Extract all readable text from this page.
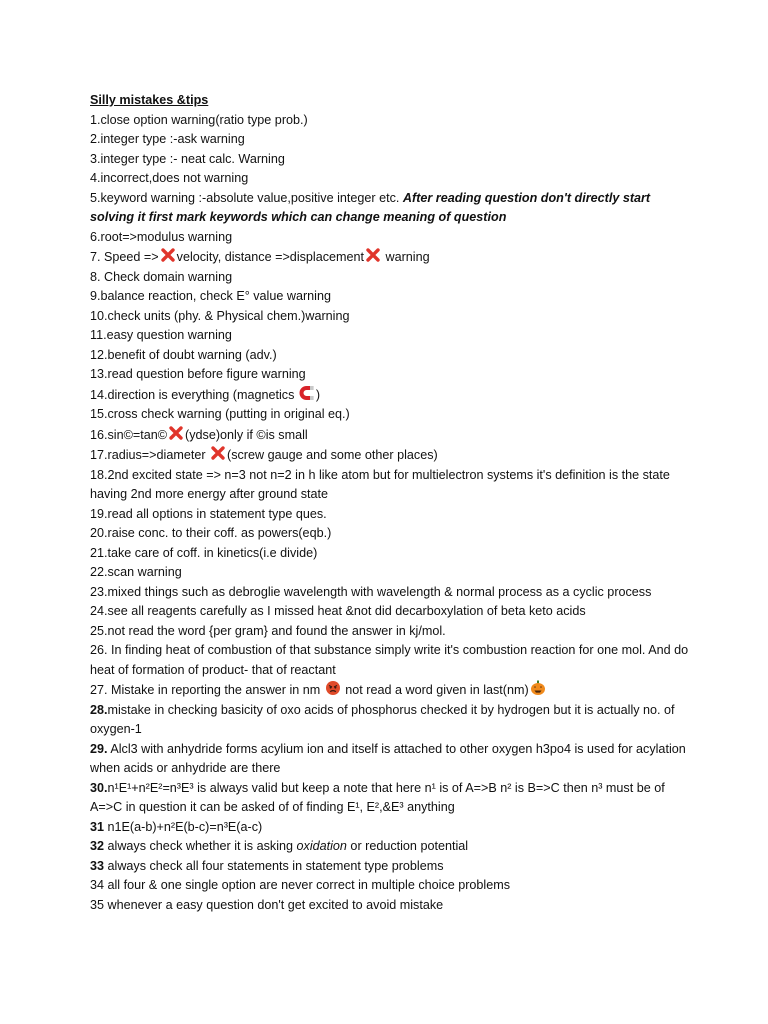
Silly mistakes &tips
1.close option warning(ratio type prob.)
2.integer type :-ask warning
3.integer type :- neat calc. Warning
4.incorrect,does not warning
5.keyword warning :-absolute value,positive integer etc. After reading question don't directly start solving it first mark keywords which can change meaning of question
6.root=>modulus warning
7. Speed => velocity, distance =>displacement
warning
8. Check domain warning
9.balance reaction, check E° value warning
10.check units (phy. & Physical chem.)warning
11.easy question warning
12.benefit of doubt warning (adv.)
13.read question before figure warning
14.direction is everything (magnetics
)
15.cross check warning (putting in original eq.)
16.sin©=tan© (ydse)only if ©is small
17.radius=>diameter
(screw gauge and some other places)
18.2nd excited state => n=3 not n=2 in h like atom but for multielectron systems it's definition is the state having 2nd more energy after ground state
19.read all options in statement type ques.
20.raise conc. to their coff. as powers(eqb.)
21.take care of coff. in kinetics(i.e divide)
22.scan warning
23.mixed things such as debroglie wavelength with wavelength & normal process as a cyclic process
24.see all reagents carefully as I missed heat &not did decarboxylation of beta keto acids
25.not read the word {per gram} and found the answer in kj/mol.
26. In finding heat of combustion of that substance simply write it's combustion reaction for one mol. And do heat of formation of product- that of reactant
27. Mistake in reporting the answer in nm
not read a word given in last(nm)
28.mistake in checking basicity of oxo acids of phosphorus checked it by hydrogen but it is actually no. of oxygen-1
29. Alcl3 with anhydride forms acylium ion and itself is attached to other oxygen h3po4 is used for acylation when acids or anhydride are there
30.n¹E¹+n²E²=n³E³ is always valid but keep a note that here n¹ is of A=>B n² is B=>C then n³ must be of A=>C in question it can be asked of of finding E¹, E²,&E³ anything
31 n1E(a-b)+n²E(b-c)=n³E(a-c)
32 always check whether it is asking oxidation or reduction potential
33 always check all four statements in statement type problems
34 all four & one single option are never correct in multiple choice problems
35 whenever a easy question don't get excited to avoid mistake
